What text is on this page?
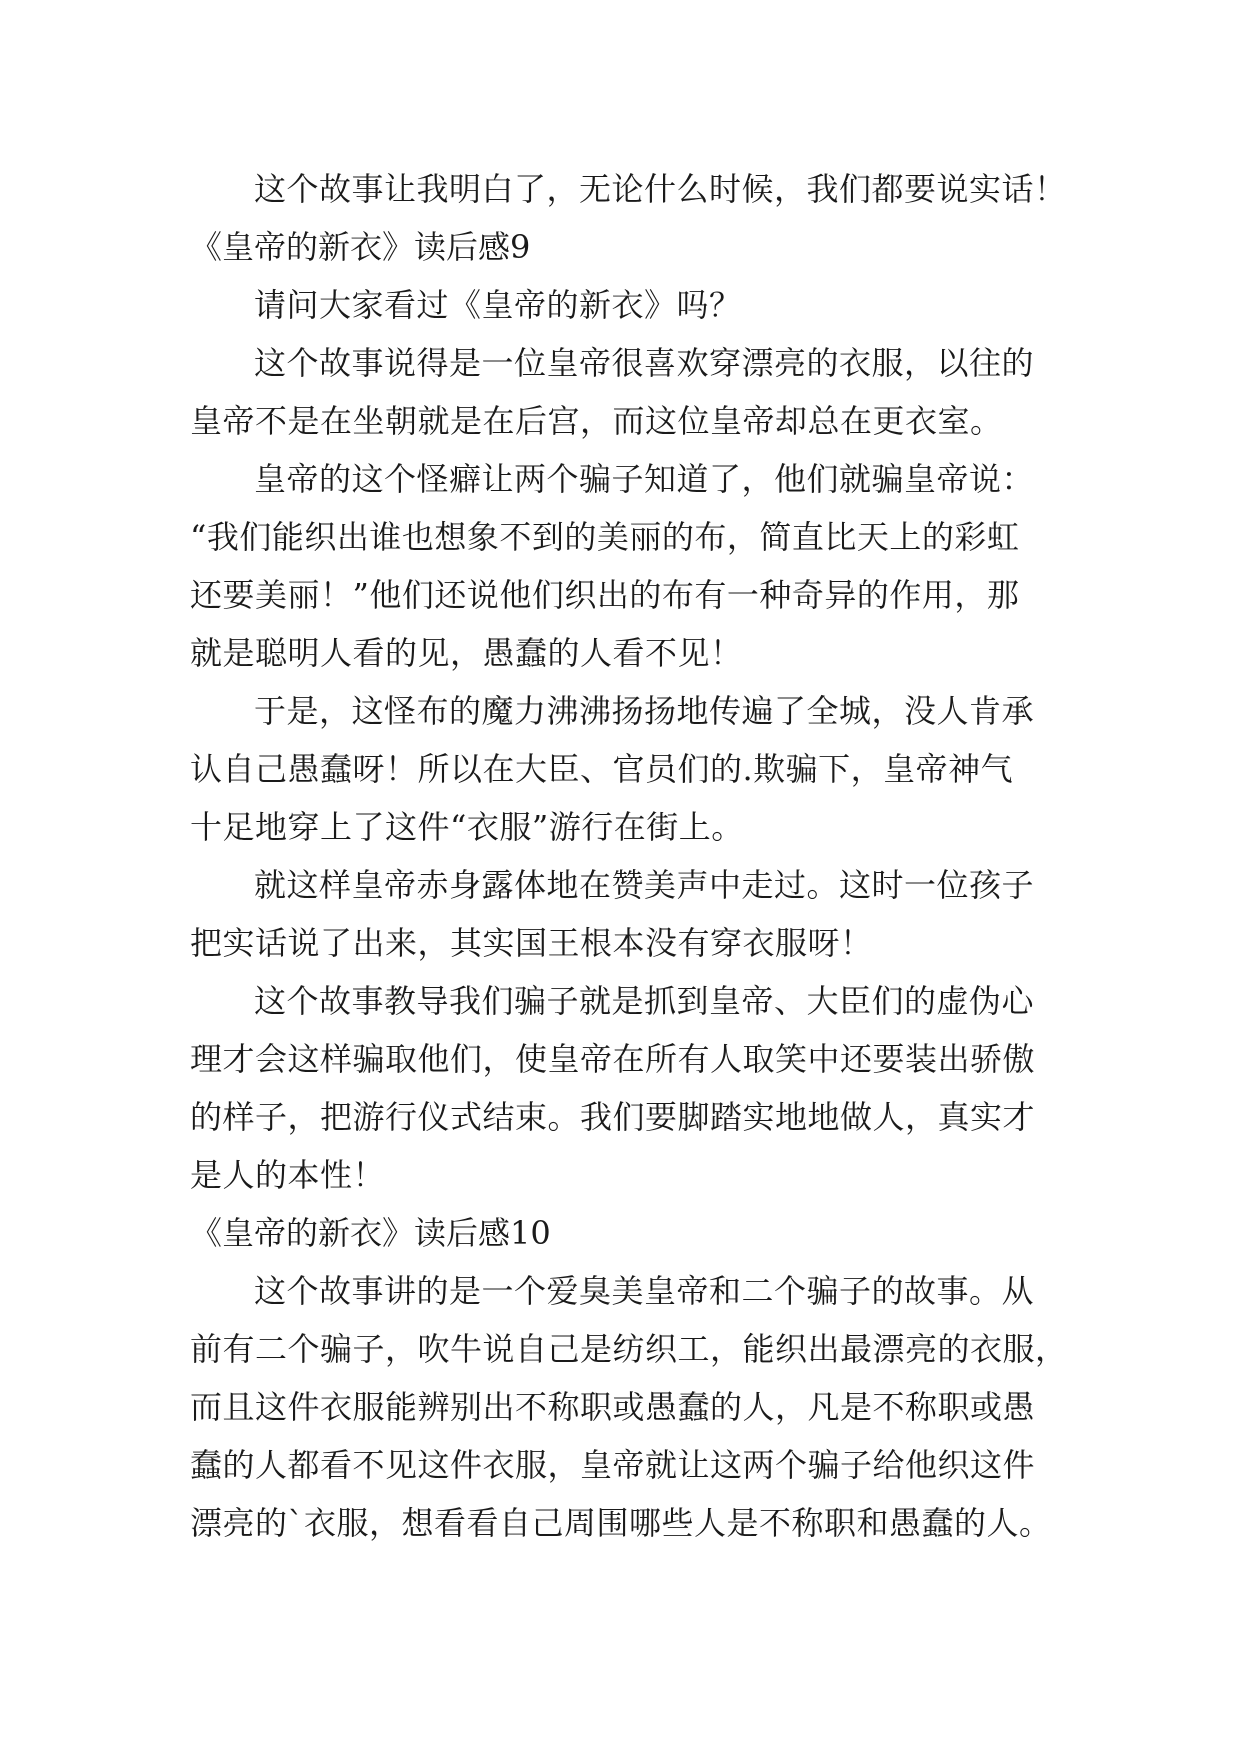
这个故事让我明白了，无论什么时候，我们都要说实话！
《皇帝的新衣》读后感9
请问大家看过《皇帝的新衣》吗？
这个故事说得是一位皇帝很喜欢穿漂亮的衣服，以往的
皇帝不是在坐朝就是在后宫，而这位皇帝却总在更衣室。
皇帝的这个怪癖让两个骗子知道了，他们就骗皇帝说：
“我们能织出谁也想象不到的美丽的布，简直比天上的彩虹
还要美丽！”他们还说他们织出的布有一种奇异的作用，那
就是聪明人看的见，愚蠢的人看不见！
于是，这怪布的魔力沸沸扬扬地传遍了全城，没人肯承
认自己愚蠢呀！所以在大臣、官员们的.欺骗下，皇帝神气
十足地穿上了这件“衣服”游行在街上。
就这样皇帝赤身露体地在赞美声中走过。这时一位孩子
把实话说了出来，其实国王根本没有穿衣服呀！
这个故事教导我们骗子就是抓到皇帝、大臣们的虚伪心
理才会这样骗取他们，使皇帝在所有人取笑中还要装出骄傲
的样子，把游行仪式结束。我们要脚踏实地地做人，真实才
是人的本性！
《皇帝的新衣》读后感10
这个故事讲的是一个爱臭美皇帝和二个骗子的故事。从
前有二个骗子，吹牛说自己是纺织工，能织出最漂亮的衣服，
而且这件衣服能辨别出不称职或愚蠢的人，凡是不称职或愚
蠢的人都看不见这件衣服，皇帝就让这两个骗子给他织这件
漂亮的`衣服，想看看自己周围哪些人是不称职和愚蠢的人。
